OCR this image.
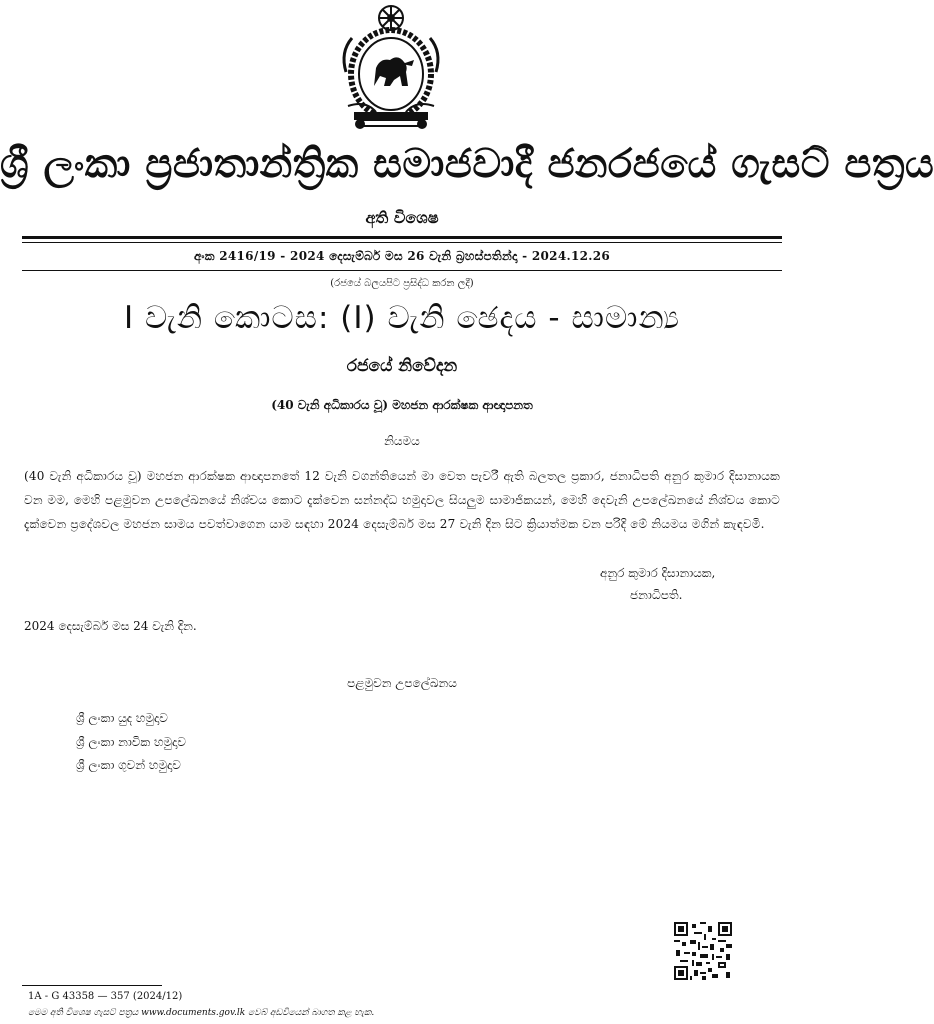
ශ්‍රී ලංකා ප්‍රජාතාන්ත්‍රික සමාජවාදී ජනරජයේ ගැසට් පත්‍රය
අති විශෙෂ
අංක 2416/19 - 2024 දෙසැම්බර් මස 26 වැනි බ්‍රහස්පතින්දා - 2024.12.26
(රජයේ බලයපිට ප්‍රසිද්ධ කරන ලදී)
I වැනි කොටස: (I) වැනි ඡෙදය - සාමාන්‍ය
රජයේ නිවේදන
(40 වැනි අධිකාරය වූ) මහජන ආරක්ෂක ආඥාපනත
නියමය
(40 වැනි අධිකාරය වූ) මහජන ආරක්ෂක ආඥාපනතේ 12 වැනි වගන්තියෙන් මා වෙත පැවරී ඇති බලතල ප්‍රකාර, ජනාධිපති අනුර කුමාර දිසානායක වන මම, මෙහි පළමුවන උපලේඛනයේ නිශ්චය කොට දැක්වෙන සන්නද්ධ හමුදාවල සියලුම සාමාජිකයන්, මෙහි දෙවැනි උපලේඛනයේ නිශ්චය කොට දැක්වෙන ප්‍රදේශවල මහජන සාමය පවත්වාගෙන යාම සඳහා 2024 දෙසැම්බර් මස 27 වැනි දින සිට ක්‍රියාත්මක වන පරිදි මේ නියමය මගින් කැඳවමි.
අනුර කුමාර දිසානායක,
ජනාධිපති.
2024 දෙසැම්බර් මස 24 වැනි දින.
පළමුවන උපලේඛනය
ශ්‍රී ලංකා යුද හමුදාව
ශ්‍රී ලංකා නාවික හමුදාව
ශ්‍රී ලංකා ගුවන් හමුදාව
1A - G 43358 — 357 (2024/12)
මෙම අති විශෙෂ ගැසට් පත්‍රය www.documents.gov.lk වෙබ් අඩවියෙන් බාගත කළ හැක.
